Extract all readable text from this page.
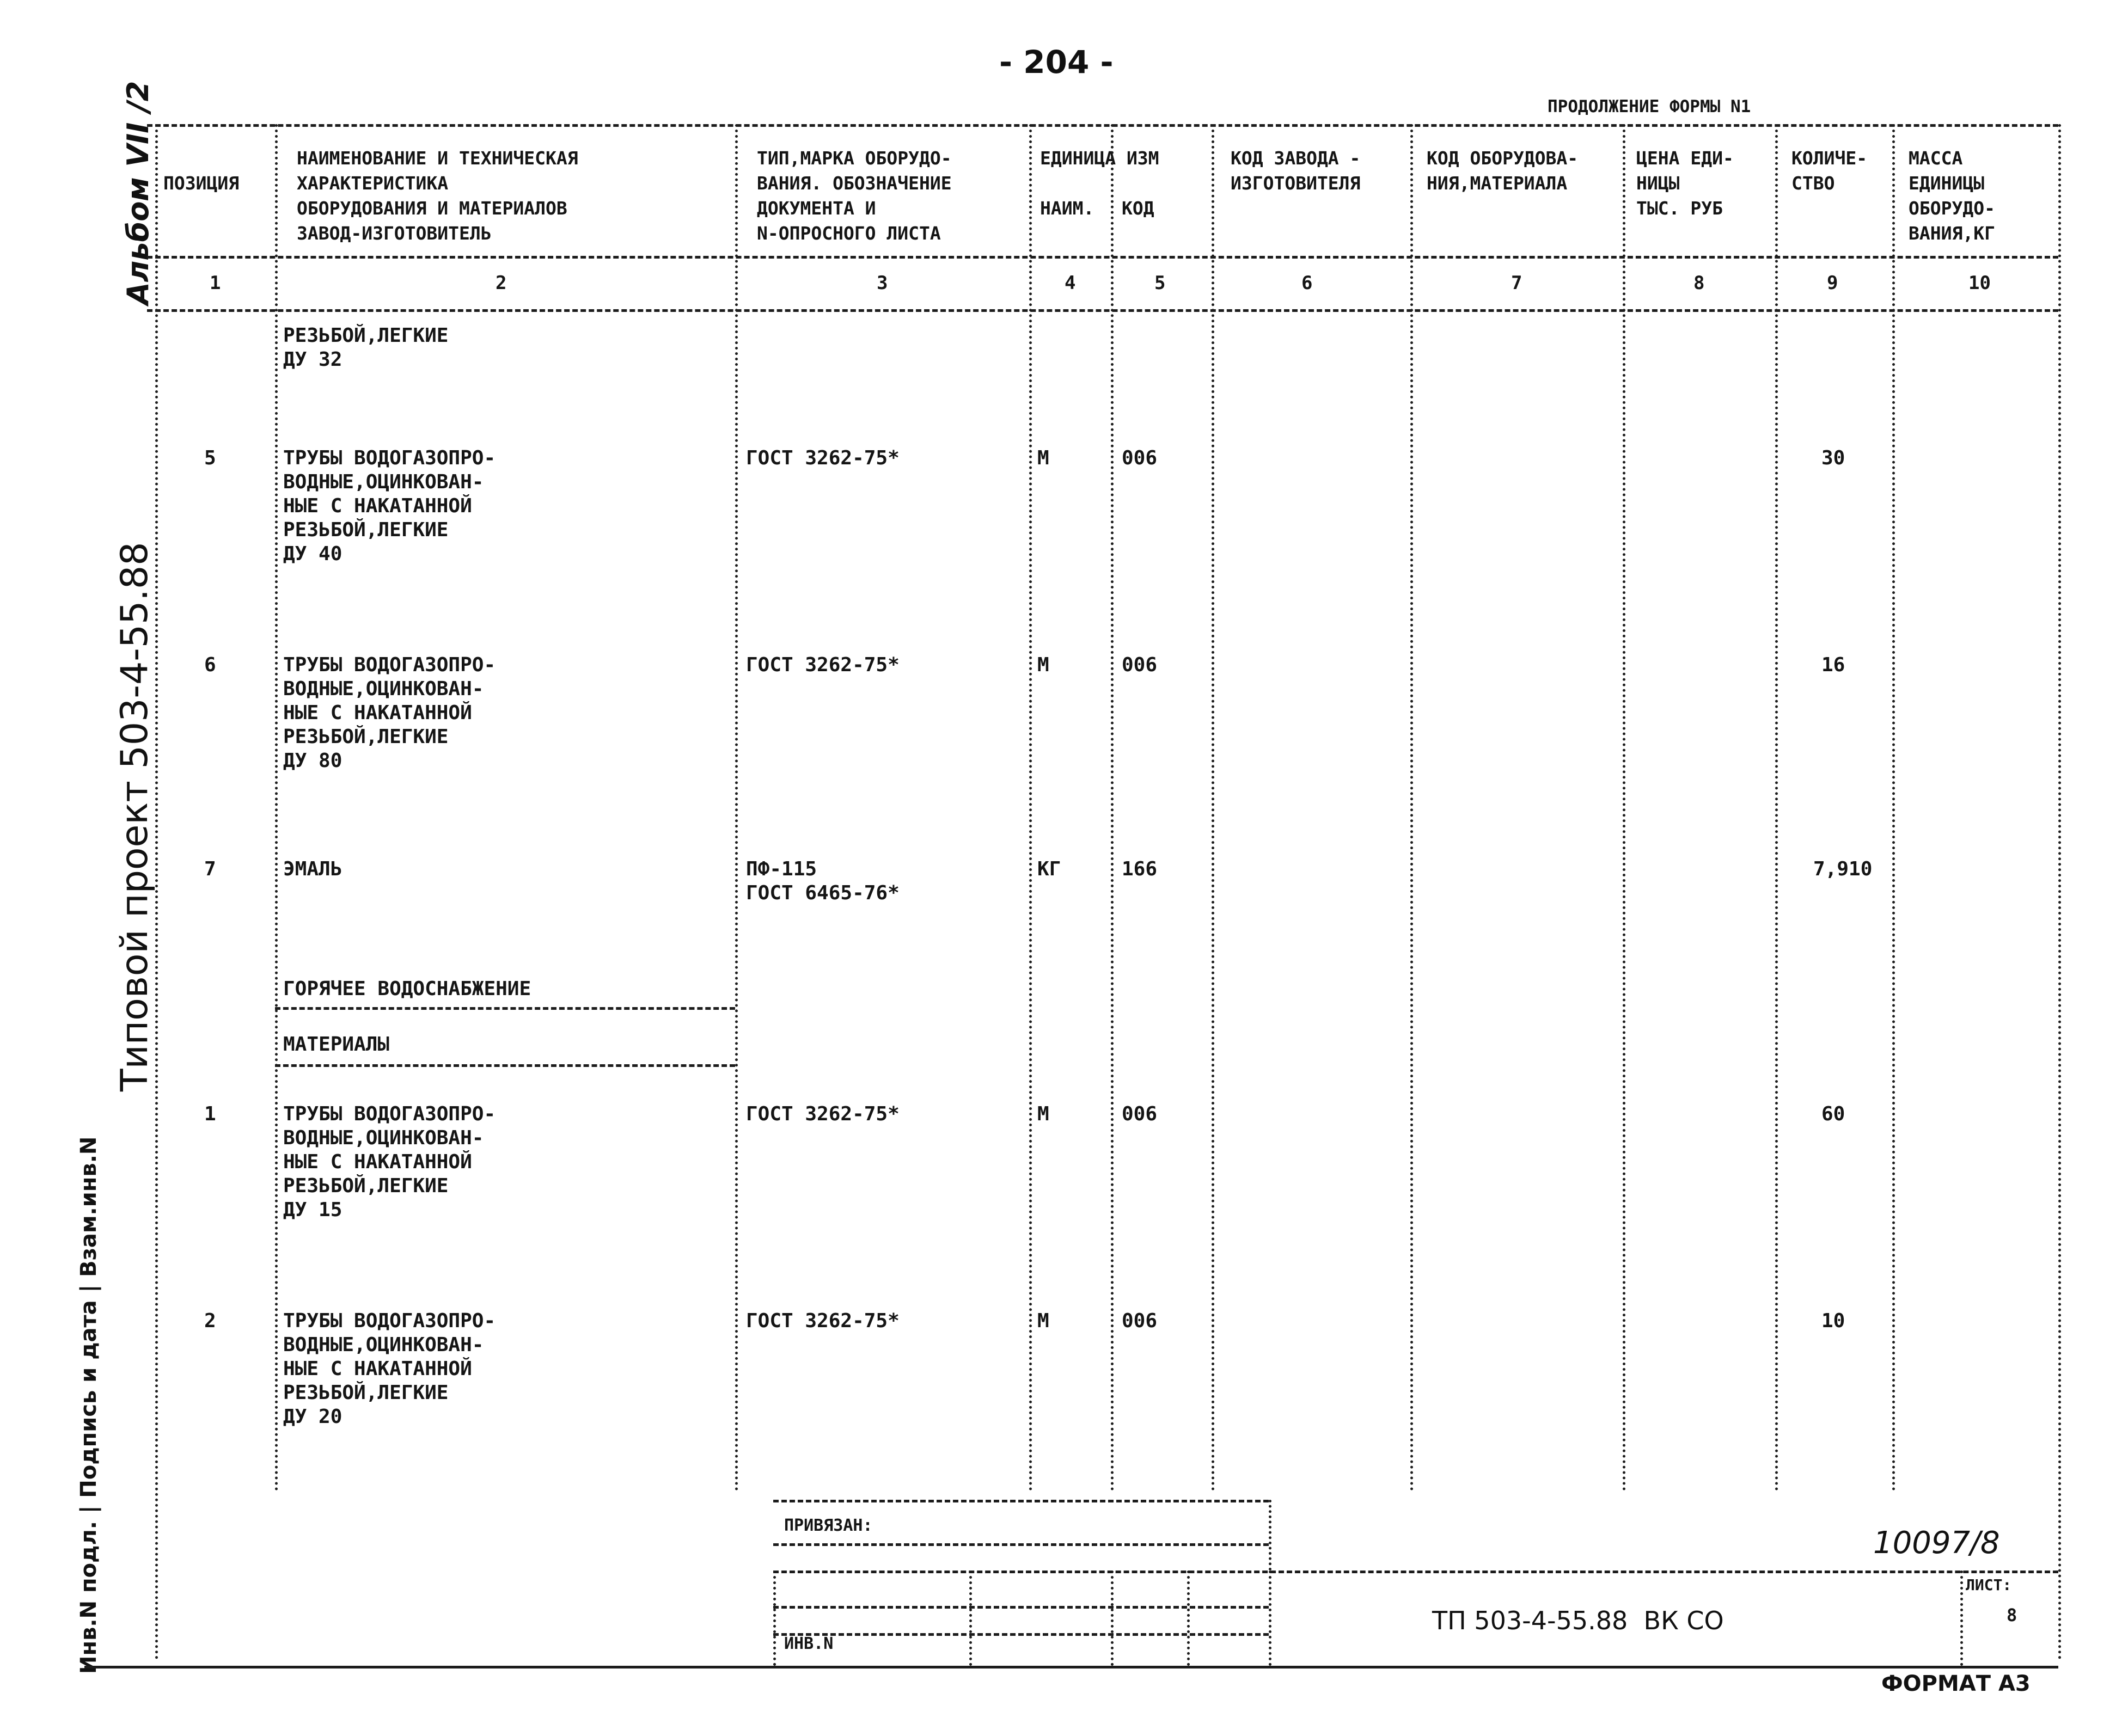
- 204 -
ПРОДОЛЖЕНИЕ ФОРМЫ N1
Альбом VII /2
Типовой проект 503-4-55.88
Инв.N подл. | Подпись и дата | Взам.инв.N
ПОЗИЦИЯ
НАИМЕНОВАНИЕ И ТЕХНИЧЕСКАЯ
ХАРАКТЕРИСТИКА
ОБОРУДОВАНИЯ И МАТЕРИАЛОВ
ЗАВОД-ИЗГОТОВИТЕЛЬ
ТИП,МАРКА ОБОРУДО-
ВАНИЯ. ОБОЗНАЧЕНИЕ
ДОКУМЕНТА И
N-ОПРОСНОГО ЛИСТА
ЕДИНИЦА ИЗМ
НАИМ. КОД
КОД ЗАВОДА -
ИЗГОТОВИТЕЛЯ
КОД ОБОРУДОВА-
НИЯ,МАТЕРИАЛА
ЦЕНА ЕДИ-
НИЦЫ
ТЫС. РУБ
КОЛИЧЕ-
СТВО
МАССА
ЕДИНИЦЫ
ОБОРУДО-
ВАНИЯ,КГ
1	2	3	4	5	6	7	8	9	10
РЕЗЬБОЙ,ЛЕГКИЕ
ДУ 32
5	ТРУБЫ ВОДОГАЗОПРО-
ВОДНЫЕ,ОЦИНКОВАН-
НЫЕ С НАКАТАННОЙ
РЕЗЬБОЙ,ЛЕГКИЕ
ДУ 40
ГОСТ 3262-75*	М	006	30
6	ТРУБЫ ВОДОГАЗОПРО-
ВОДНЫЕ,ОЦИНКОВАН-
НЫЕ С НАКАТАННОЙ
РЕЗЬБОЙ,ЛЕГКИЕ
ДУ 80
ГОСТ 3262-75*	М	006	16
7	ЭМАЛЬ	ПФ-115
ГОСТ 6465-76*
КГ	166	7,910
1	ТРУБЫ ВОДОГАЗОПРО-
ВОДНЫЕ,ОЦИНКОВАН-
НЫЕ С НАКАТАННОЙ
РЕЗЬБОЙ,ЛЕГКИЕ
ДУ 15
ГОСТ 3262-75*	М	006	60
2	ТРУБЫ ВОДОГАЗОПРО-
ВОДНЫЕ,ОЦИНКОВАН-
НЫЕ С НАКАТАННОЙ
РЕЗЬБОЙ,ЛЕГКИЕ
ДУ 20
ГОСТ 3262-75*	М	006	10
ГОРЯЧЕЕ ВОДОСНАБЖЕНИЕ
МАТЕРИАЛЫ
ПРИВЯЗАН:
ИНВ.N
ТП 503-4-55.88  ВК СО
ЛИСТ:
8
10097/8
ФОРМАТ А3
